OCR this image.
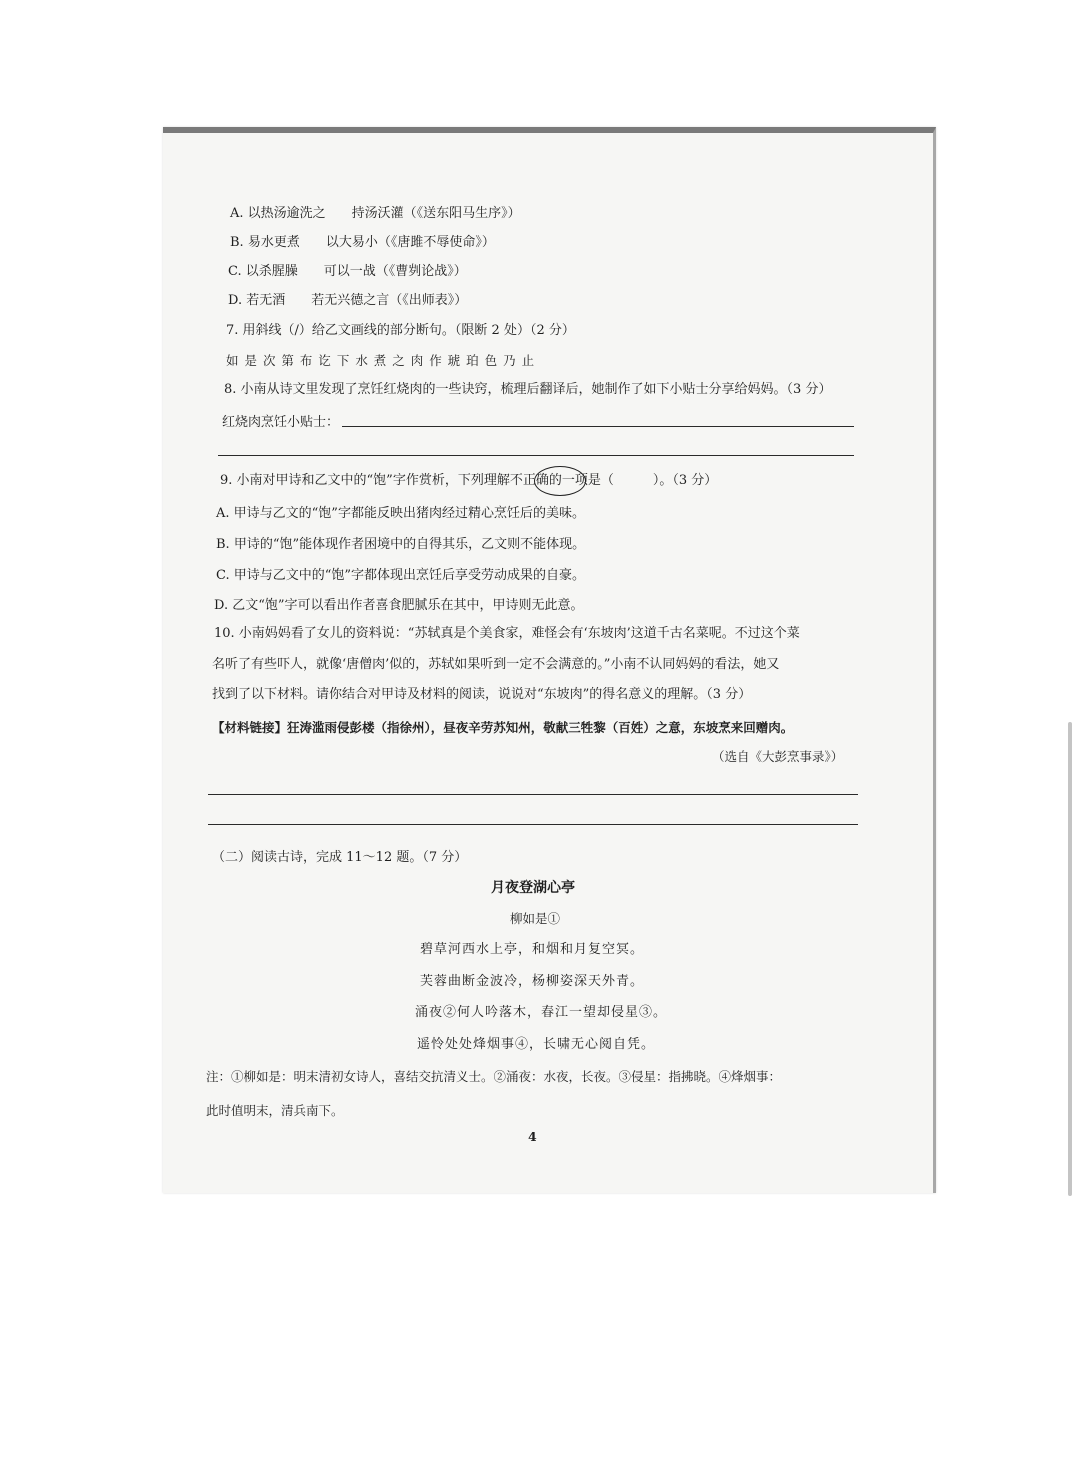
A. 以热汤逾洗之　　持汤沃灌（《送东阳马生序》）
B. 易水更煮　　以大易小（《唐雎不辱使命》）
C. 以杀腥臊　　可以一战（《曹刿论战》）
D. 若无酒　　若无兴德之言（《出师表》）
7. 用斜线（/）给乙文画线的部分断句。（限断 2 处）（2 分）
如 是 次 第 布 讫 下 水 煮 之 肉 作 琥 珀 色 乃 止
8. 小南从诗文里发现了烹饪红烧肉的一些诀窍，梳理后翻译后，她制作了如下小贴士分享给妈妈。（3 分）
红烧肉烹饪小贴士：
9. 小南对甲诗和乙文中的“饱”字作赏析，下列理解不正确的一项是（　　　）。（3 分）
A. 甲诗与乙文的“饱”字都能反映出猪肉经过精心烹饪后的美味。
B. 甲诗的“饱”能体现作者困境中的自得其乐，乙文则不能体现。
C. 甲诗与乙文中的“饱”字都体现出烹饪后享受劳动成果的自豪。
D. 乙文“饱”字可以看出作者喜食肥腻乐在其中，甲诗则无此意。
10. 小南妈妈看了女儿的资料说：“苏轼真是个美食家，难怪会有‘东坡肉’这道千古名菜呢。不过这个菜
名听了有些吓人，就像‘唐僧肉’似的，苏轼如果听到一定不会满意的。”小南不认同妈妈的看法，她又
找到了以下材料。请你结合对甲诗及材料的阅读，说说对“东坡肉”的得名意义的理解。（3 分）
【材料链接】狂涛滥雨侵彭楼（指徐州），昼夜辛劳苏知州，敬献三牲黎（百姓）之意，东坡烹来回赠肉。
（选自《大彭烹事录》）
（二）阅读古诗，完成 11～12 题。（7 分）
月夜登湖心亭
柳如是①
碧草河西水上亭，和烟和月复空冥。
芙蓉曲断金波冷，杨柳姿深天外青。
涌夜②何人吟落木，春江一望却侵星③。
遥怜处处烽烟事④，长啸无心阅自凭。
注：①柳如是：明末清初女诗人，喜结交抗清义士。②涌夜：水夜，长夜。③侵星：指拂晓。④烽烟事：
此时值明末，清兵南下。
4
